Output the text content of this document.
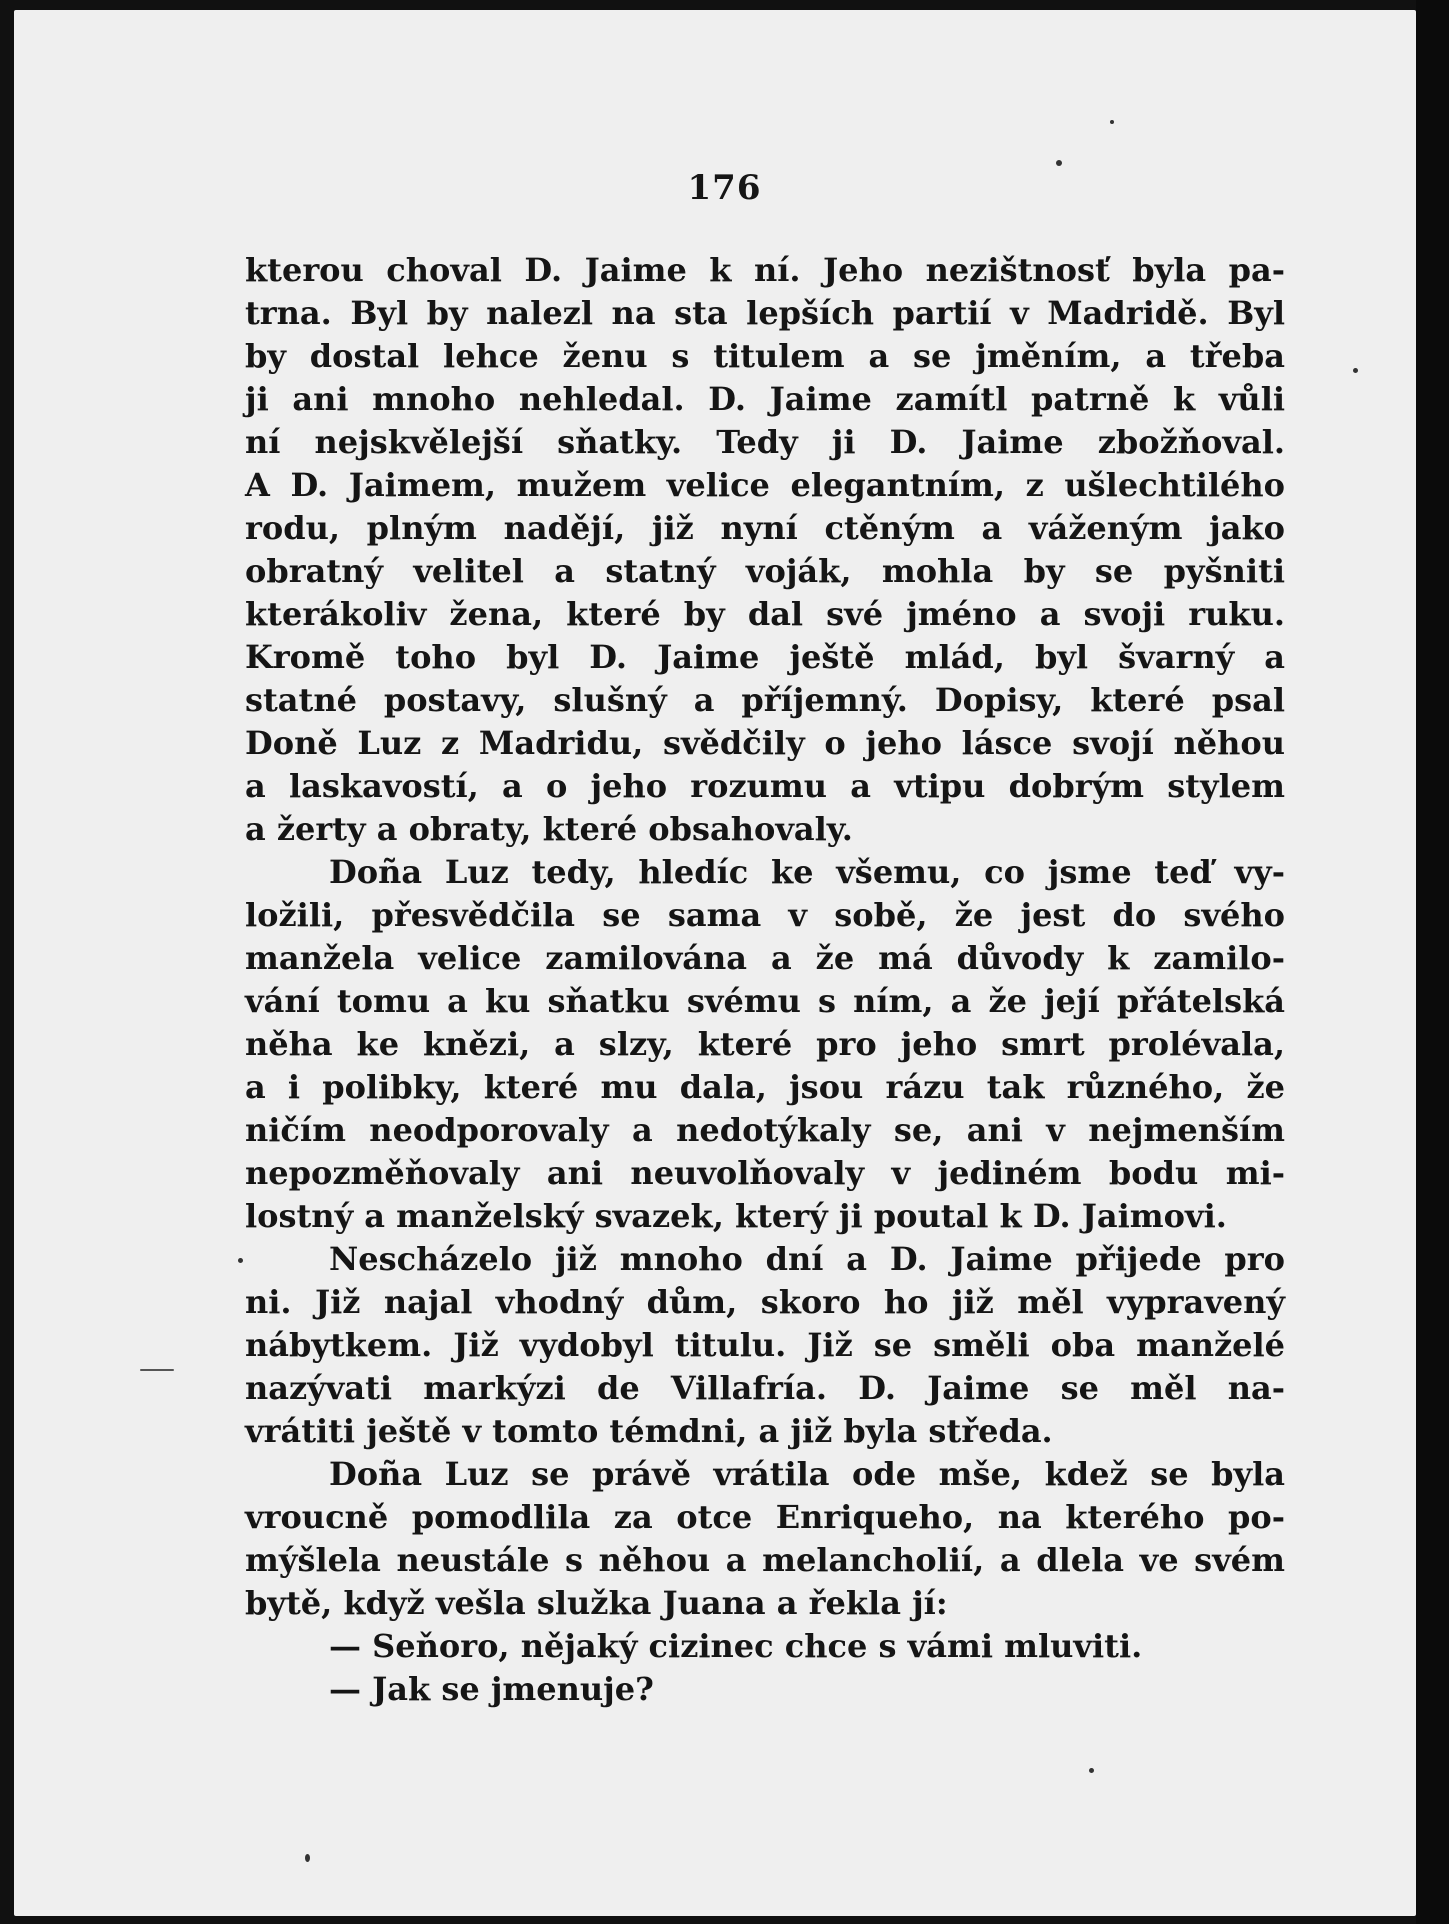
176
kterou choval D. Jaime k ní. Jeho nezištnosť byla pa-
trna. Byl by nalezl na sta lepších partií v Madridě. Byl
by dostal lehce ženu s titulem a se jměním, a třeba
ji ani mnoho nehledal. D. Jaime zamítl patrně k vůli
ní nejskvělejší sňatky. Tedy ji D. Jaime zbožňoval.
A D. Jaimem, mužem velice elegantním, z ušlechtilého
rodu, plným nadějí, již nyní ctěným a váženým jako
obratný velitel a statný voják, mohla by se pyšniti
kterákoliv žena, které by dal své jméno a svoji ruku.
Kromě toho byl D. Jaime ještě mlád, byl švarný a
statné postavy, slušný a příjemný. Dopisy, které psal
Doně Luz z Madridu, svědčily o jeho lásce svojí něhou
a laskavostí, a o jeho rozumu a vtipu dobrým stylem
a žerty a obraty, které obsahovaly.
Doña Luz tedy, hledíc ke všemu, co jsme teď vy-
ložili, přesvědčila se sama v sobě, že jest do svého
manžela velice zamilována a že má důvody k zamilo-
vání tomu a ku sňatku svému s ním, a že její přátelská
něha ke knězi, a slzy, které pro jeho smrt prolévala,
a i polibky, které mu dala, jsou rázu tak různého, že
ničím neodporovaly a nedotýkaly se, ani v nejmenším
nepozměňovaly ani neuvolňovaly v jediném bodu mi-
lostný a manželský svazek, který ji poutal k D. Jaimovi.
Nescházelo již mnoho dní a D. Jaime přijede pro
ni. Již najal vhodný dům, skoro ho již měl vypravený
nábytkem. Již vydobyl titulu. Již se směli oba manželé
nazývati markýzi de Villafría. D. Jaime se měl na-
vrátiti ještě v tomto témdni, a již byla středa.
Doña Luz se právě vrátila ode mše, kdež se byla
vroucně pomodlila za otce Enriqueho, na kterého po-
mýšlela neustále s něhou a melancholií, a dlela ve svém
bytě, když vešla služka Juana a řekla jí:
— Seňoro, nějaký cizinec chce s vámi mluviti.
— Jak se jmenuje?
